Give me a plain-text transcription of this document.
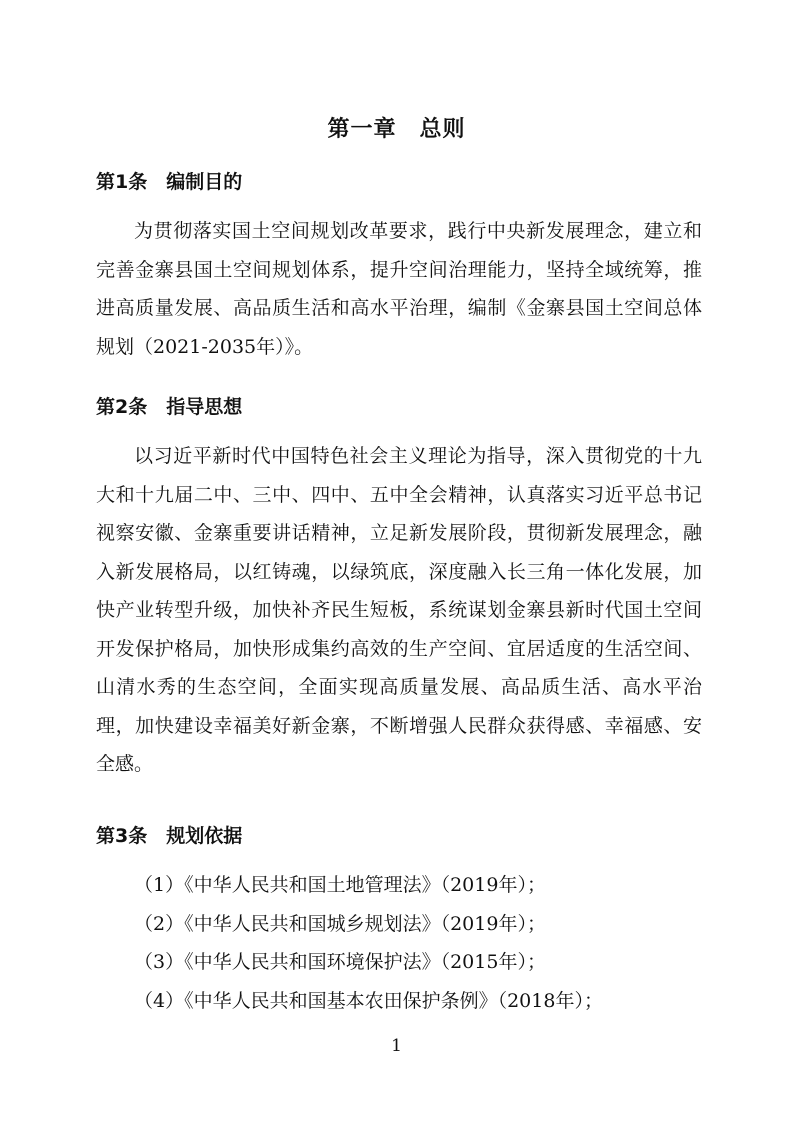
第一章　总则
第1条　编制目的

为贯彻落实国土空间规划改革要求，践行中央新发展理念，建立和完善金寨县国土空间规划体系，提升空间治理能力，坚持全域统筹，推进高质量发展、高品质生活和高水平治理，编制《金寨县国土空间总体规划（2021-2035年）》。

第2条　指导思想

以习近平新时代中国特色社会主义理论为指导，深入贯彻党的十九大和十九届二中、三中、四中、五中全会精神，认真落实习近平总书记视察安徽、金寨重要讲话精神，立足新发展阶段，贯彻新发展理念，融入新发展格局，以红铸魂，以绿筑底，深度融入长三角一体化发展，加快产业转型升级，加快补齐民生短板，系统谋划金寨县新时代国土空间开发保护格局，加快形成集约高效的生产空间、宜居适度的生活空间、山清水秀的生态空间，全面实现高质量发展、高品质生活、高水平治理，加快建设幸福美好新金寨，不断增强人民群众获得感、幸福感、安全感。

第3条　规划依据
（1）《中华人民共和国土地管理法》（2019年）；
（2）《中华人民共和国城乡规划法》（2019年）；
（3）《中华人民共和国环境保护法》（2015年）；
（4）《中华人民共和国基本农田保护条例》（2018年）；
1
